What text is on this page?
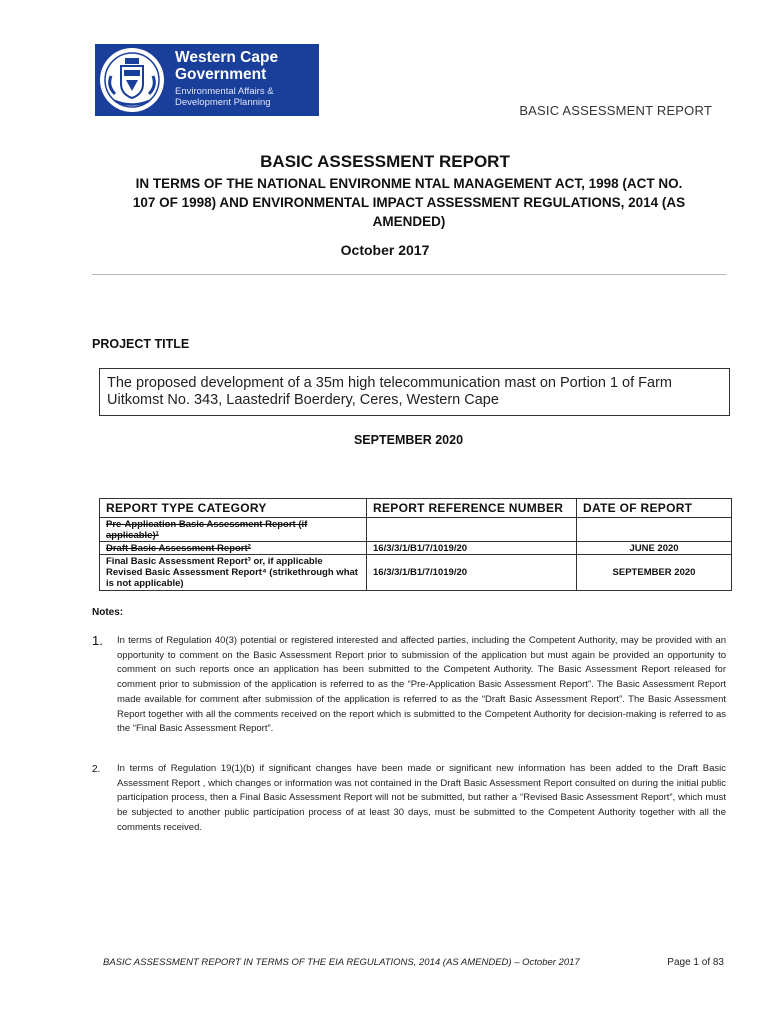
Western Cape
Government
Environmental Affairs &
Development Planning
BASIC ASSESSMENT REPORT
BASIC ASSESSMENT REPORT
IN TERMS OF THE NATIONAL ENVIRONME NTAL MANAGEMENT ACT, 1998 (ACT NO.
107 OF 1998) AND ENVIRONMENTAL IMPACT ASSESSMENT REGULATIONS, 2014 (AS
AMENDED)
October 2017
PROJECT TITLE
The proposed development of a 35m high telecommunication mast on Portion 1 of Farm Uitkomst No. 343, Laastedrif Boerdery, Ceres, Western Cape
SEPTEMBER 2020
REPORT TYPE CATEGORY	REPORT REFERENCE NUMBER	DATE OF REPORT
Pre-Application Basic Assessment Report (if applicable)¹		
Draft Basic Assessment Report²	16/3/3/1/B1/7/1019/20	JUNE 2020
Final Basic Assessment Report³ or, if applicable Revised Basic Assessment Report⁴ (strikethrough what is not applicable)	16/3/3/1/B1/7/1019/20	SEPTEMBER 2020
Notes:
1. In terms of Regulation 40(3) potential or registered interested and affected parties, including the Competent Authority, may be provided with an opportunity to comment on the Basic Assessment Report prior to submission of the application but must again be provided an opportunity to comment on such reports once an application has been submitted to the Competent Authority. The Basic Assessment Report released for comment prior to submission of the application is referred to as the “Pre-Application Basic Assessment Report”. The Basic Assessment Report made available for comment after submission of the application is referred to as the “Draft Basic Assessment Report”. The Basic Assessment Report together with all the comments received on the report which is submitted to the Competent Authority for decision-making is referred to as the “Final Basic Assessment Report”.
2. In terms of Regulation 19(1)(b) if significant changes have been made or significant new information has been added to the Draft Basic Assessment Report , which changes or information was not contained in the Draft Basic Assessment Report consulted on during the initial public participation process, then a Final Basic Assessment Report will not be submitted, but rather a “Revised Basic Assessment Report”, which must be subjected to another public participation process of at least 30 days, must be submitted to the Competent Authority together with all the comments received.
BASIC ASSESSMENT REPORT IN TERMS OF THE EIA REGULATIONS, 2014 (AS AMENDED) – October 2017	Page 1 of 83
